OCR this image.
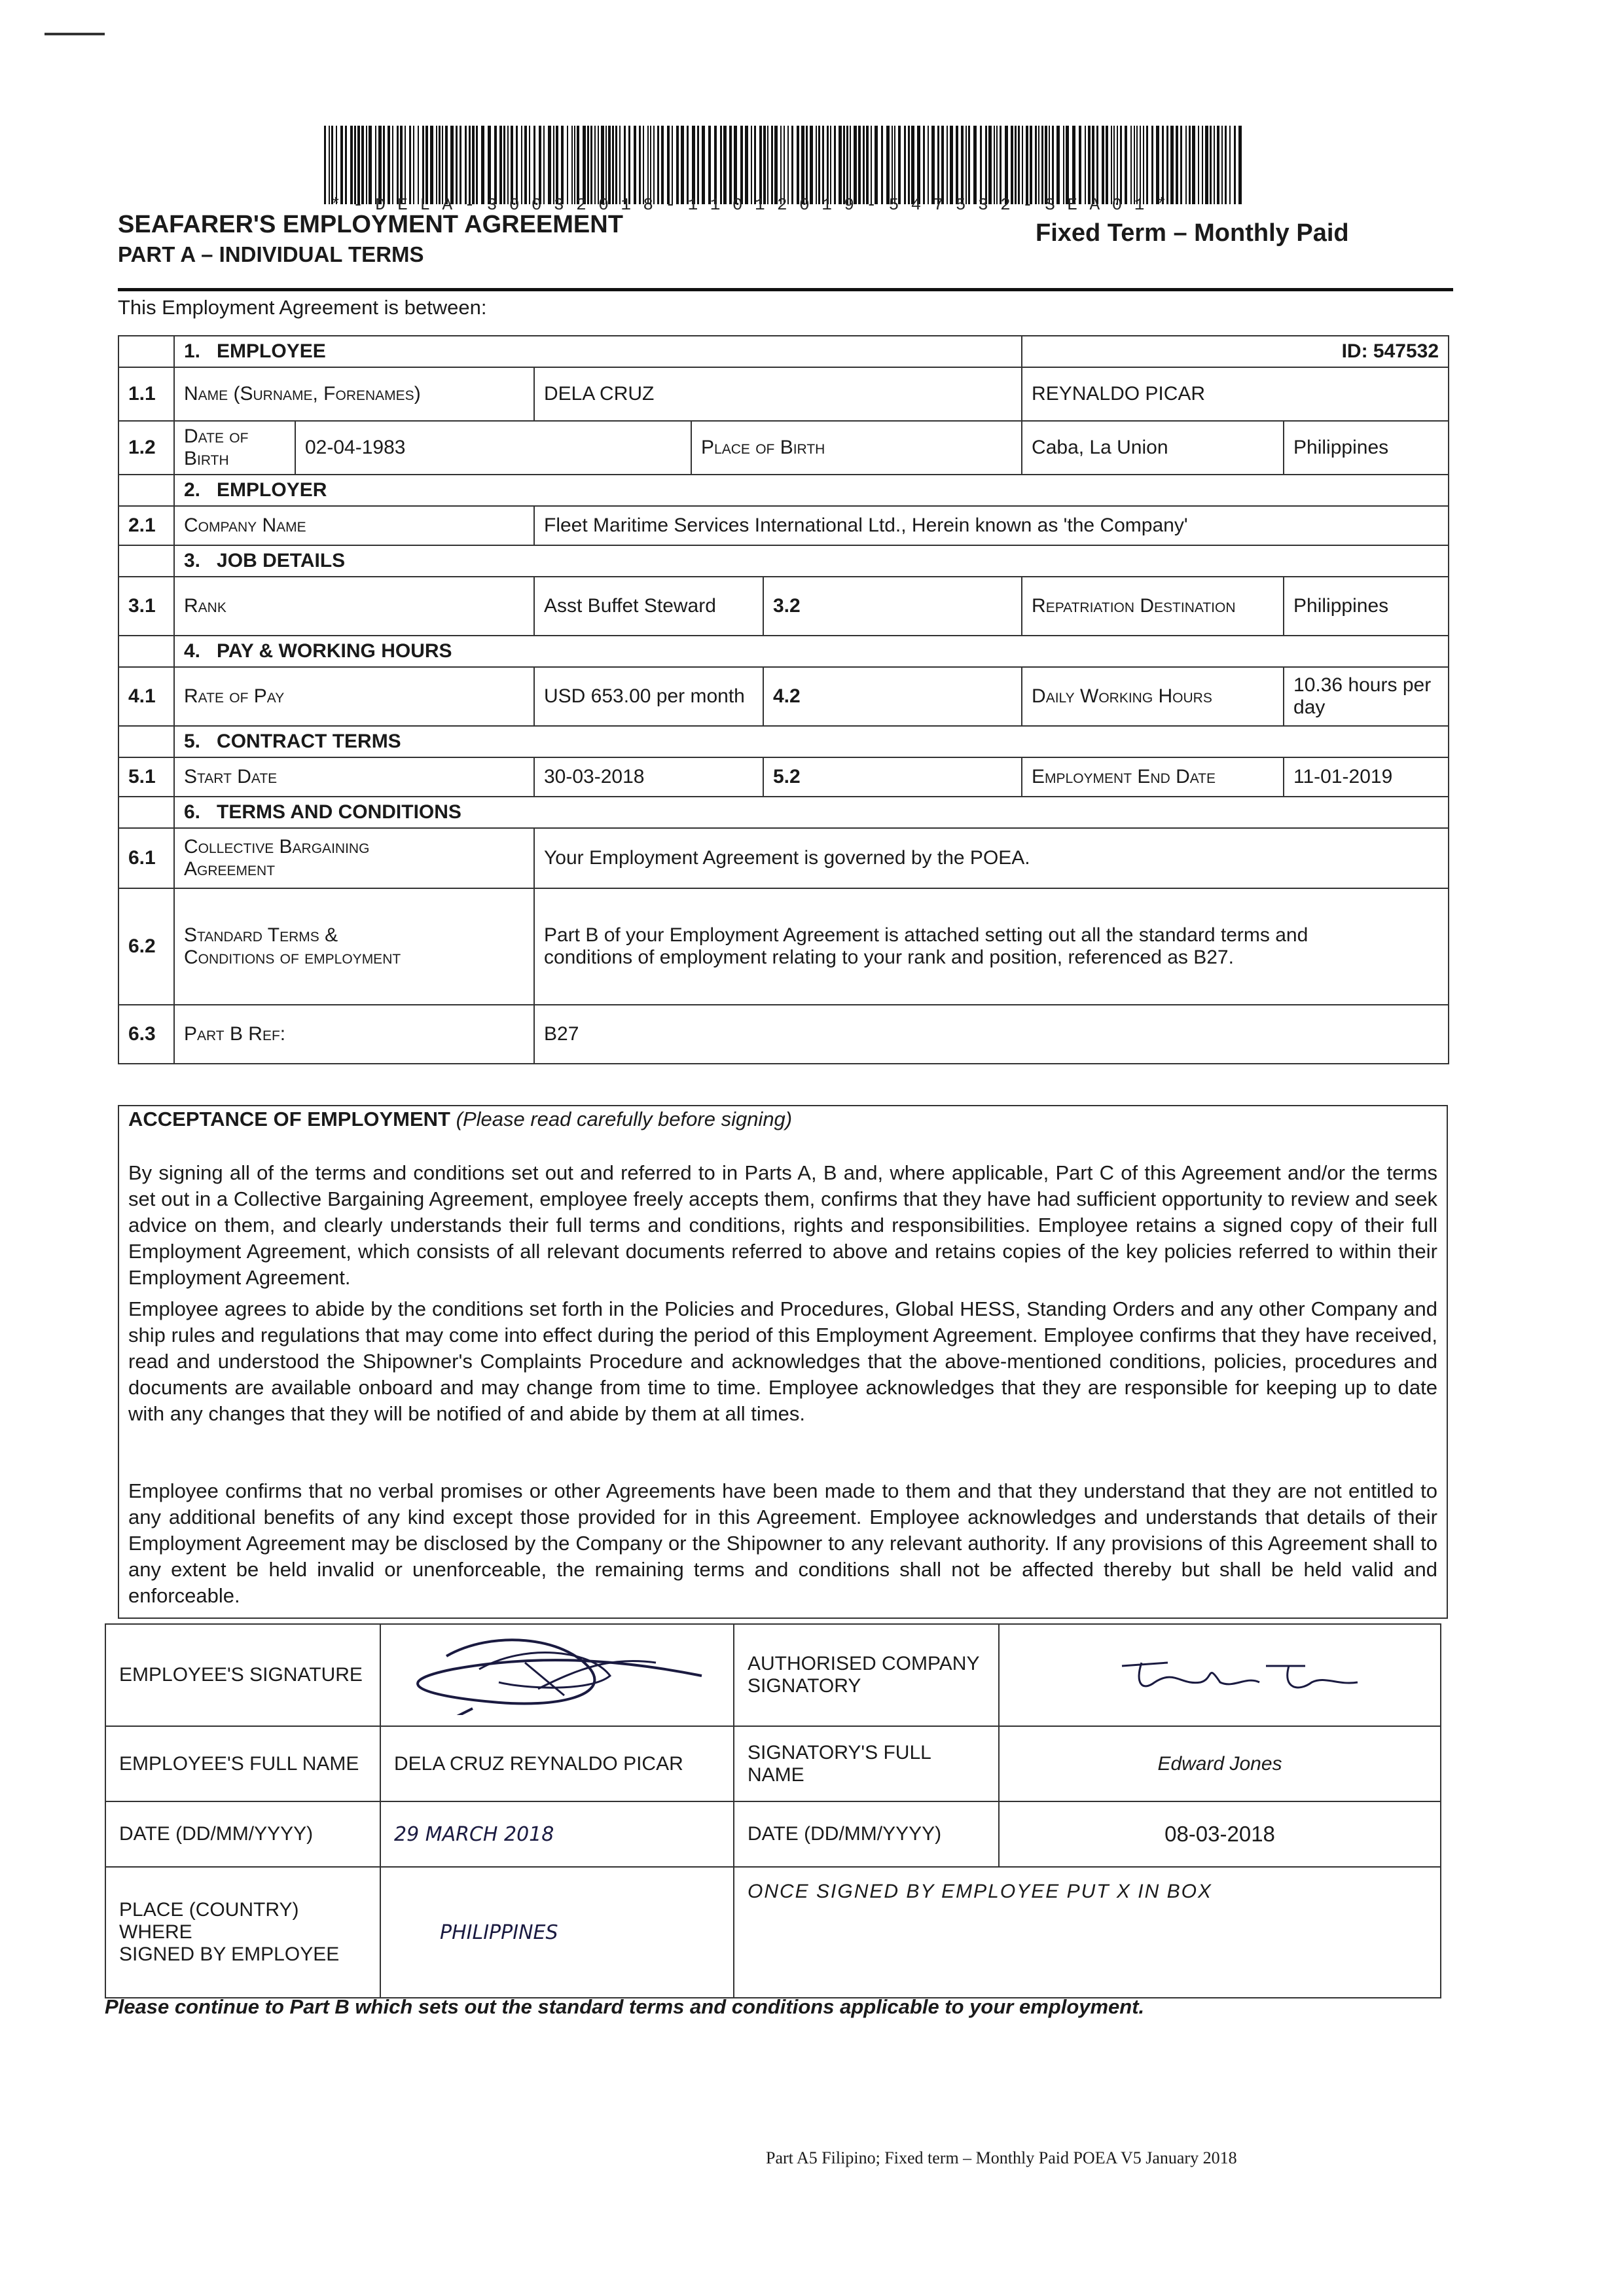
*-DELA-30032018-11012019-547532-SEA01*
SEAFARER'S EMPLOYMENT AGREEMENT
PART A – INDIVIDUAL TERMS
Fixed Term – Monthly Paid
This Employment Agreement is between:
	1. EMPLOYEE					ID: 547532	
1.1	Name (Surname, Forenames)		DELA CRUZ			REYNALDO PICAR	
1.2	Date of Birth	02-04-1983		Place of Birth		Caba, La Union	Philippines
	2. EMPLOYER						
2.1	Company Name		Fleet Maritime Services International Ltd., Herein known as 'the Company'				
	3. JOB DETAILS						
3.1	Rank		Asst Buffet Steward		3.2	Repatriation Destination	Philippines
	4. PAY & WORKING HOURS						
4.1	Rate of Pay		USD 653.00 per month		4.2	Daily Working Hours	10.36 hours per day
	5. CONTRACT TERMS						
5.1	Start Date		30-03-2018		5.2	Employment End Date	11-01-2019
	6. TERMS AND CONDITIONS						
6.1	Collective Bargaining
Agreement		Your Employment Agreement is governed by the POEA.				
6.2	Standard Terms &
Conditions of employment		Part B of your Employment Agreement is attached setting out all the standard terms and
conditions of employment relating to your rank and position, referenced as B27.				
6.3	Part B Ref:		B27				
ACCEPTANCE OF EMPLOYMENT (Please read carefully before signing)
By signing all of the terms and conditions set out and referred to in Parts A, B and, where applicable, Part C of this Agreement and/or the terms set out in a Collective Bargaining Agreement, employee freely accepts them, confirms that they have had sufficient opportunity to review and seek advice on them, and clearly understands their full terms and conditions, rights and responsibilities. Employee retains a signed copy of their full Employment Agreement, which consists of all relevant documents referred to above and retains copies of the key policies referred to within their Employment Agreement.
Employee agrees to abide by the conditions set forth in the Policies and Procedures, Global HESS, Standing Orders and any other Company and ship rules and regulations that may come into effect during the period of this Employment Agreement. Employee confirms that they have received, read and understood the Shipowner's Complaints Procedure and acknowledges that the above-mentioned conditions, policies, procedures and documents are available onboard and may change from time to time. Employee acknowledges that they are responsible for keeping up to date with any changes that they will be notified of and abide by them at all times.
Employee confirms that no verbal promises or other Agreements have been made to them and that they understand that they are not entitled to any additional benefits of any kind except those provided for in this Agreement. Employee acknowledges and understands that details of their Employment Agreement may be disclosed by the Company or the Shipowner to any relevant authority. If any provisions of this Agreement shall to any extent be held invalid or unenforceable, the remaining terms and conditions shall not be affected thereby but shall be held valid and enforceable.
EMPLOYEE'S SIGNATURE		AUTHORISED COMPANY
SIGNATORY	
EMPLOYEE'S FULL NAME	DELA CRUZ REYNALDO PICAR	SIGNATORY'S FULL NAME	Edward Jones
DATE (DD/MM/YYYY)	29 MARCH 2018	DATE (DD/MM/YYYY)	08-03-2018
PLACE (COUNTRY) WHERE
SIGNED BY EMPLOYEE	PHILIPPINES	ONCE SIGNED BY EMPLOYEE PUT X IN BOX	
Please continue to Part B which sets out the standard terms and conditions applicable to your employment.
Part A5 Filipino; Fixed term – Monthly Paid POEA V5 January 2018
